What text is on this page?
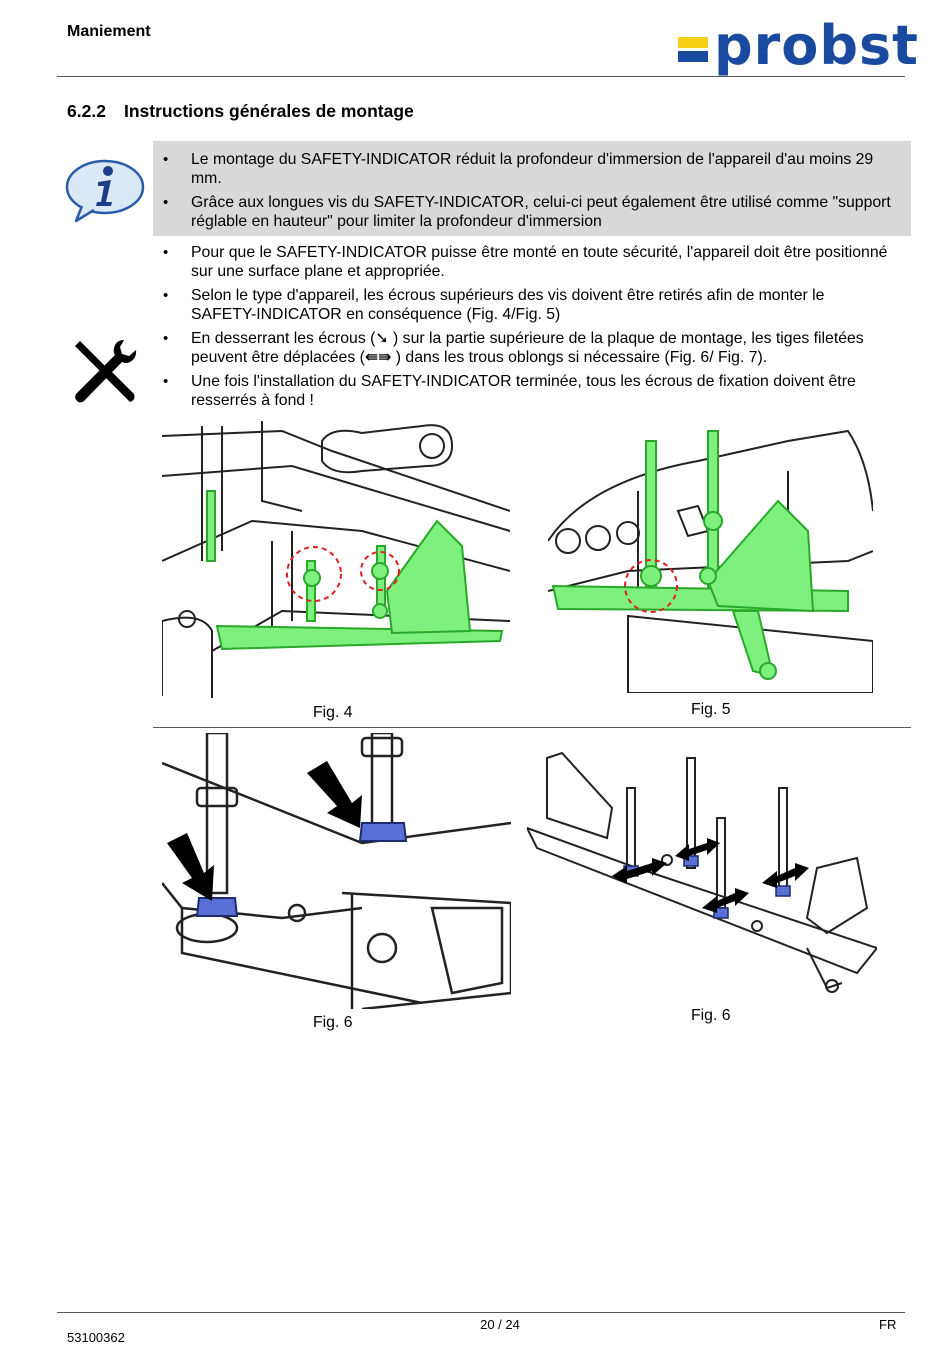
Maniement	probst
6.2.2 Instructions générales de montage
• Le montage du SAFETY-INDICATOR réduit la profondeur d'immersion de l'appareil d'au moins 29 mm.
• Grâce aux longues vis du SAFETY-INDICATOR, celui-ci peut également être utilisé comme "support réglable en hauteur" pour limiter la profondeur d'immersion
• Pour que le SAFETY-INDICATOR puisse être monté en toute sécurité, l'appareil doit être positionné sur une surface plane et appropriée.
• Selon le type d'appareil, les écrous supérieurs des vis doivent être retirés afin de monter le SAFETY-INDICATOR en conséquence (Fig. 4/Fig. 5)
• En desserrant les écrous (➘ ) sur la partie supérieure de la plaque de montage, les tiges filetées peuvent être déplacées (⇚⇛ ) dans les trous oblongs si nécessaire (Fig. 6/ Fig. 7).
• Une fois l'installation du SAFETY-INDICATOR terminée, tous les écrous de fixation doivent être resserrés à fond !
Fig. 4	Fig. 5
Fig. 6	Fig. 6
20 / 24	FR
53100362
